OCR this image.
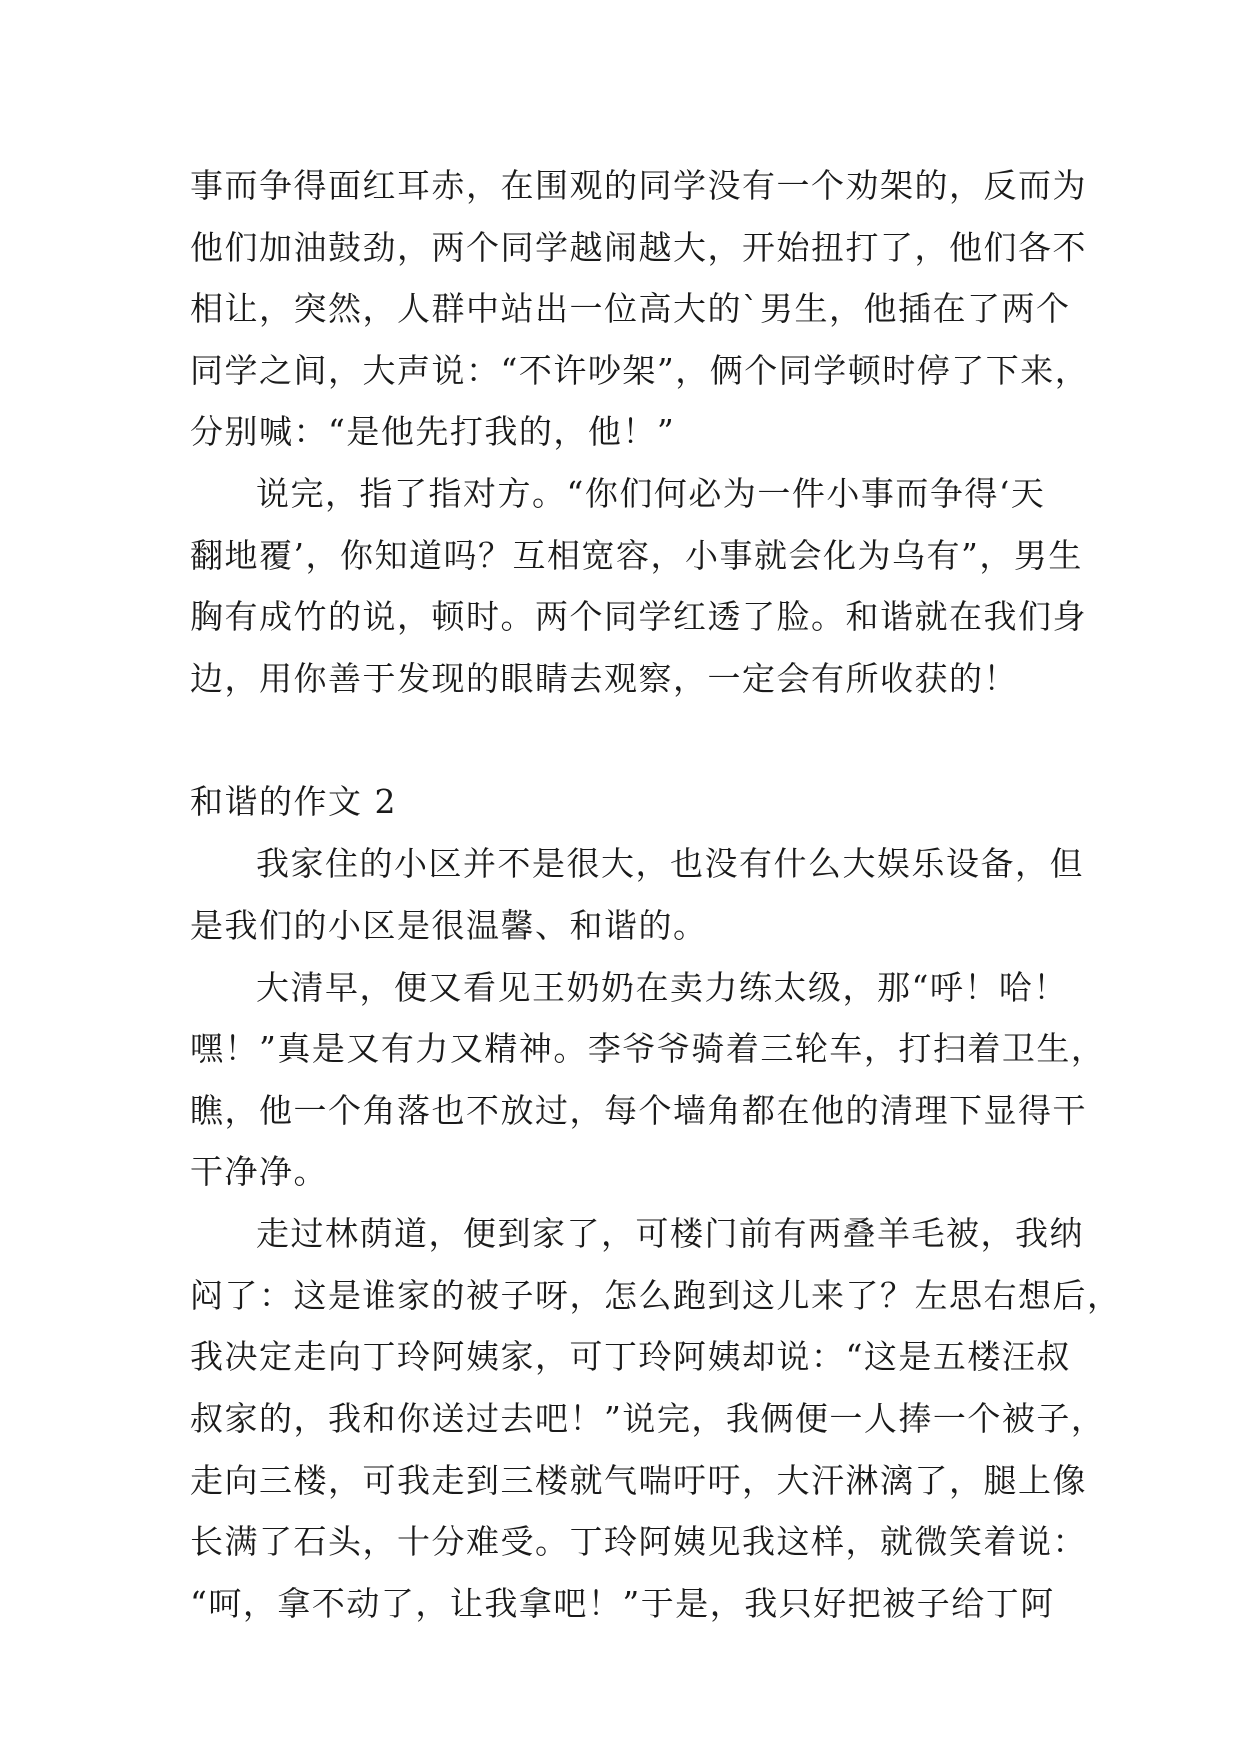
事而争得面红耳赤，在围观的同学没有一个劝架的，反而为
他们加油鼓劲，两个同学越闹越大，开始扭打了，他们各不
相让，突然，人群中站出一位高大的`男生，他插在了两个
同学之间，大声说：“不许吵架”，俩个同学顿时停了下来，
分别喊：“是他先打我的，他！”
说完，指了指对方。“你们何必为一件小事而争得‘天
翻地覆’，你知道吗？互相宽容，小事就会化为乌有”，男生
胸有成竹的说，顿时。两个同学红透了脸。和谐就在我们身
边，用你善于发现的眼睛去观察，一定会有所收获的！
和谐的作文 2
我家住的小区并不是很大，也没有什么大娱乐设备，但
是我们的小区是很温馨、和谐的。
大清早，便又看见王奶奶在卖力练太级，那“呼！哈！
嘿！”真是又有力又精神。李爷爷骑着三轮车，打扫着卫生，
瞧，他一个角落也不放过，每个墙角都在他的清理下显得干
干净净。
走过林荫道，便到家了，可楼门前有两叠羊毛被，我纳
闷了：这是谁家的被子呀，怎么跑到这儿来了？左思右想后，
我决定走向丁玲阿姨家，可丁玲阿姨却说：“这是五楼汪叔
叔家的，我和你送过去吧！”说完，我俩便一人捧一个被子，
走向三楼，可我走到三楼就气喘吁吁，大汗淋漓了，腿上像
长满了石头，十分难受。丁玲阿姨见我这样，就微笑着说：
“呵，拿不动了，让我拿吧！”于是，我只好把被子给丁阿
